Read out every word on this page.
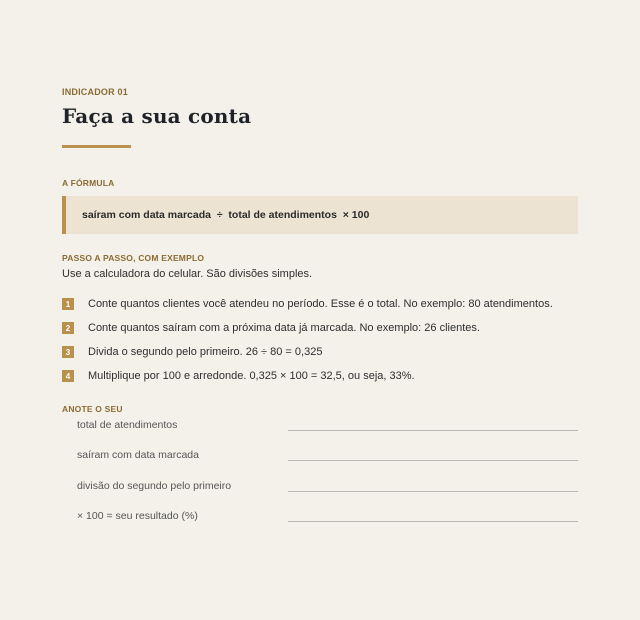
INDICADOR 01
Faça a sua conta
A FÓRMULA
saíram com data marcada  ÷  total de atendimentos  × 100
PASSO A PASSO, COM EXEMPLO
Use a calculadora do celular. São divisões simples.
1	Conte quantos clientes você atendeu no período. Esse é o total. No exemplo: 80 atendimentos.
2	Conte quantos saíram com a próxima data já marcada. No exemplo: 26 clientes.
3	Divida o segundo pelo primeiro. 26 ÷ 80 = 0,325
4	Multiplique por 100 e arredonde. 0,325 × 100 = 32,5, ou seja, 33%.
ANOTE O SEU
total de atendimentos
saíram com data marcada
divisão do segundo pelo primeiro
× 100 = seu resultado (%)
